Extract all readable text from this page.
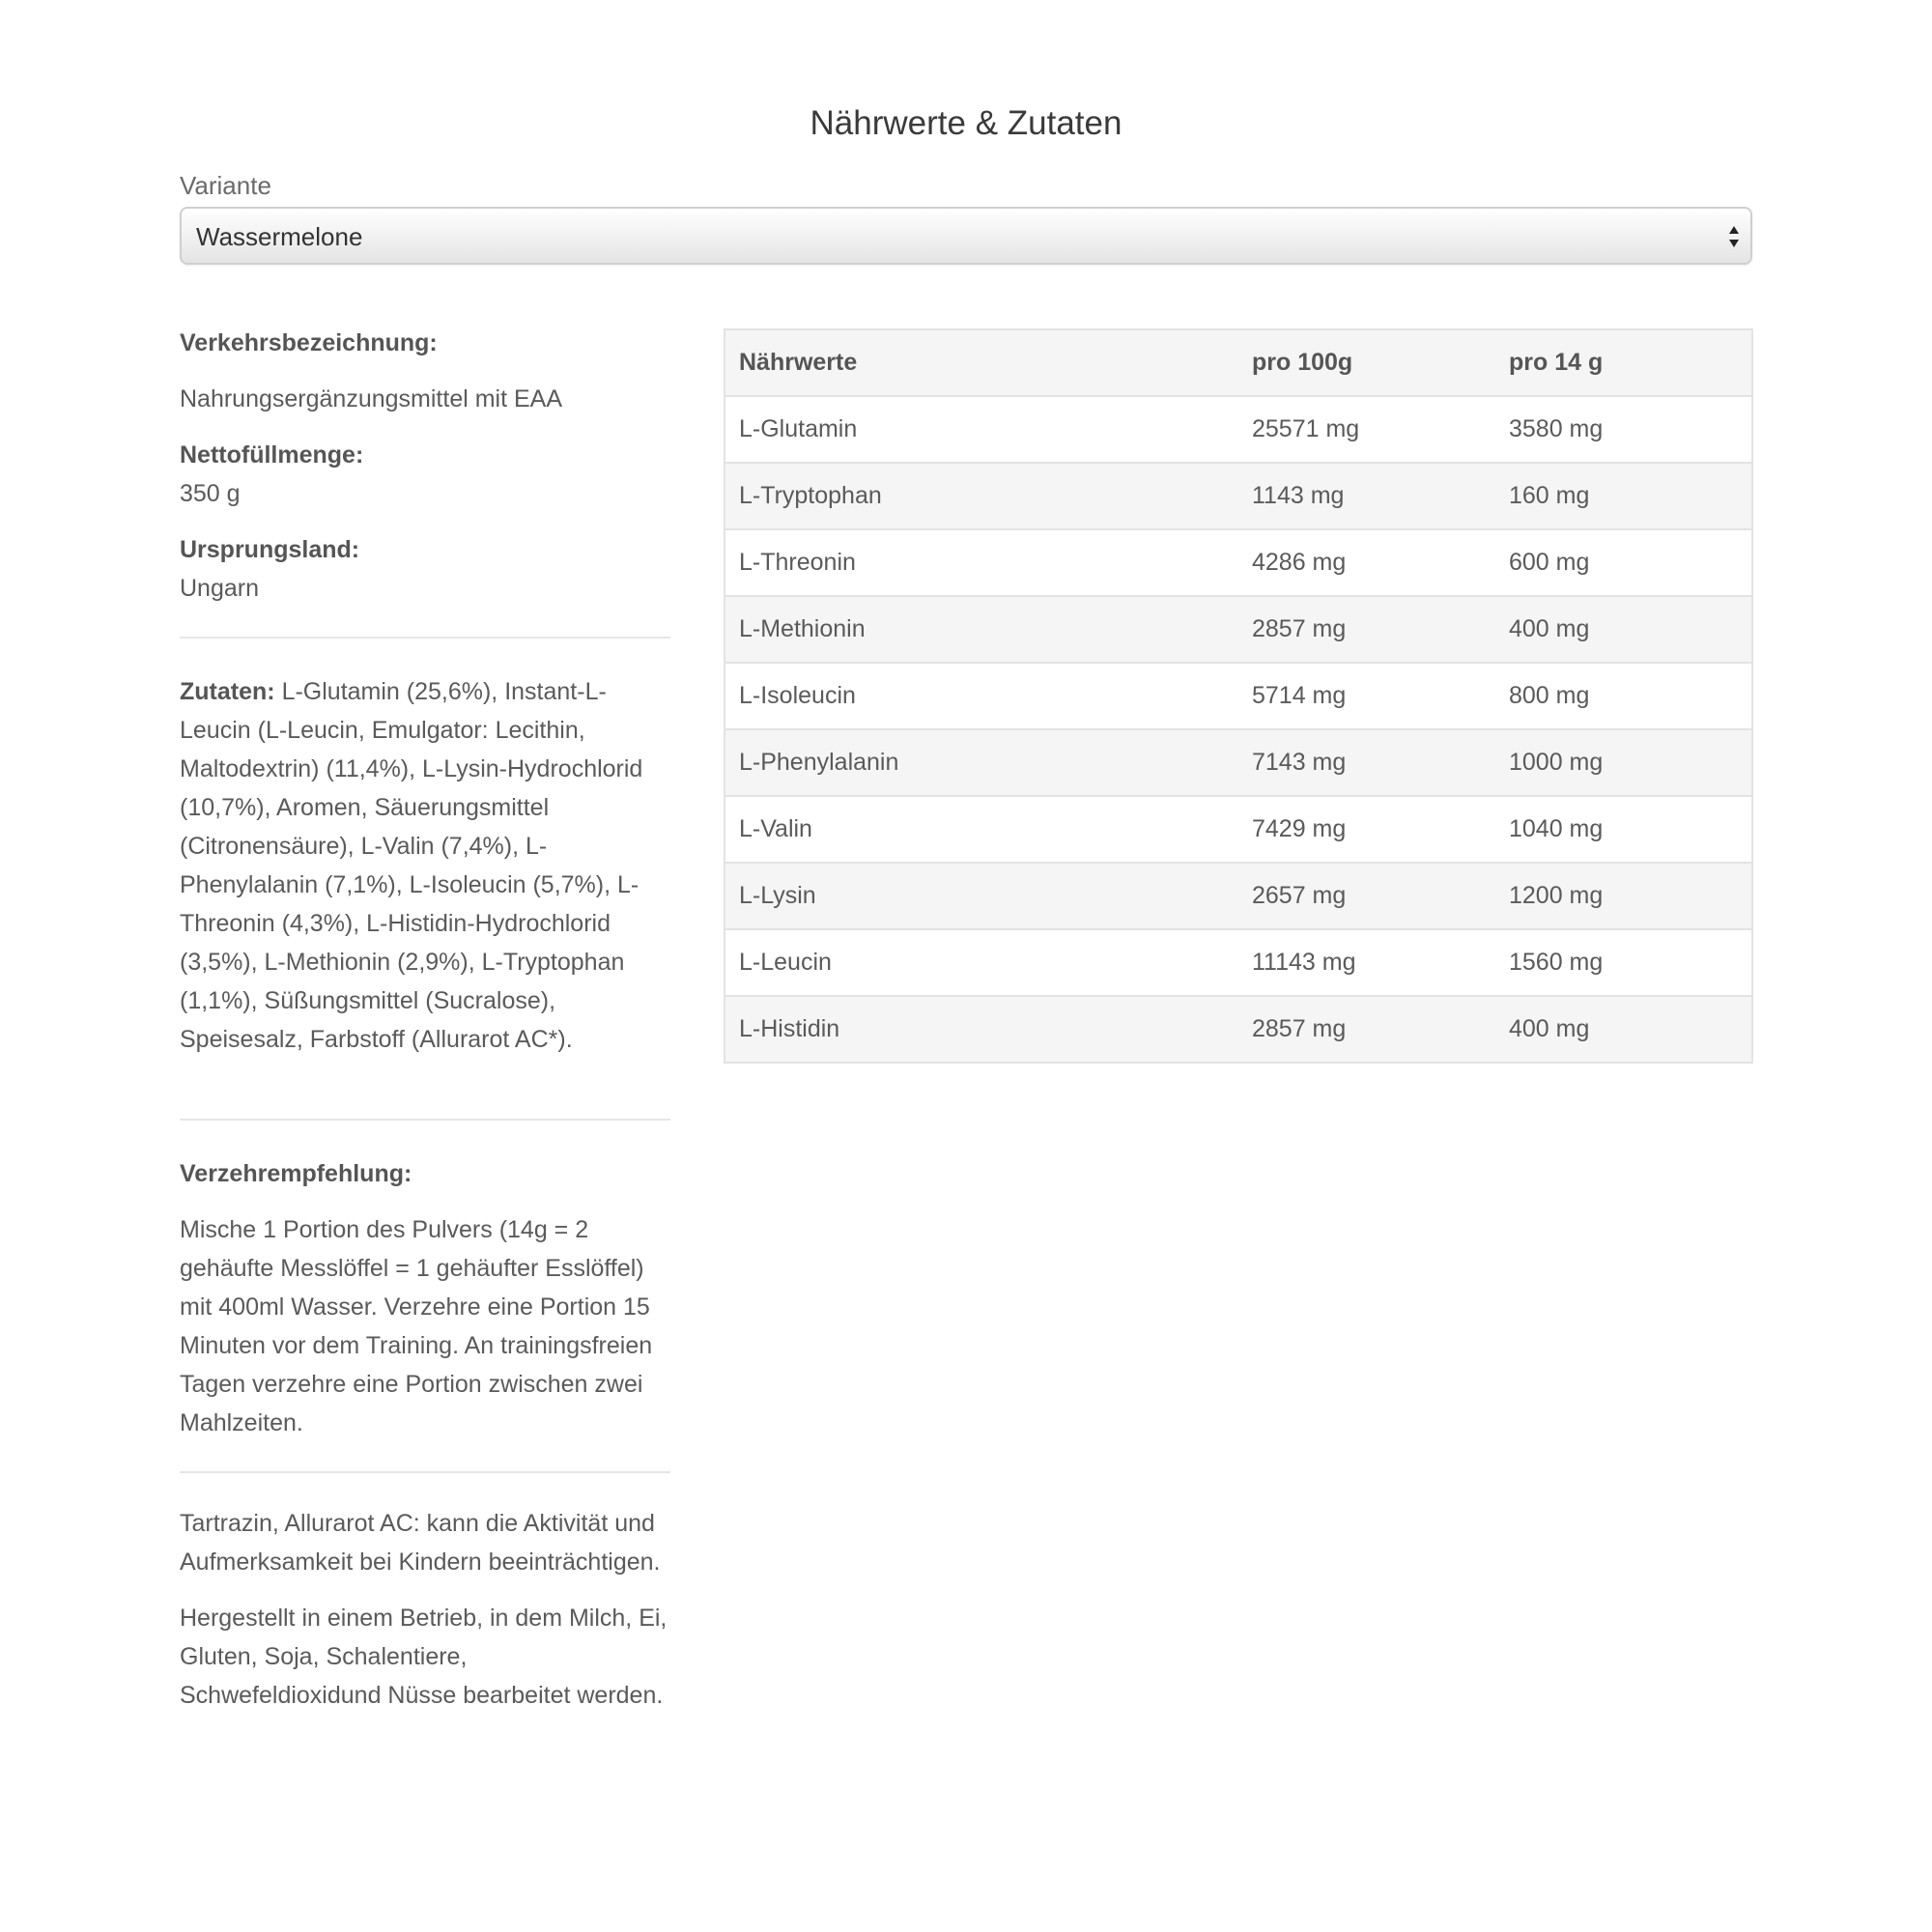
Nährwerte & Zutaten
Variante
Wassermelone

Verkehrsbezeichnung:

Nahrungsergänzungsmittel mit EAA

Nettofüllmenge:

350 g

Ursprungsland:

Ungarn

Zutaten: L-Glutamin (25,6%), Instant-L-Leucin (L-Leucin, Emulgator: Lecithin, Maltodextrin) (11,4%), L-Lysin-Hydrochlorid (10,7%), Aromen, Säuerungsmittel (Citronensäure), L-Valin (7,4%), L-Phenylalanin (7,1%), L-Isoleucin (5,7%), L-Threonin (4,3%), L-Histidin-Hydrochlorid (3,5%), L-Methionin (2,9%), L-Tryptophan (1,1%), Süßungsmittel (Sucralose), Speisesalz, Farbstoff (Allurarot AC*).

Verzehrempfehlung:

Mische 1 Portion des Pulvers (14g = 2 gehäufte Messlöffel = 1 gehäufter Esslöffel) mit 400ml Wasser. Verzehre eine Portion 15 Minuten vor dem Training. An trainingsfreien Tagen verzehre eine Portion zwischen zwei Mahlzeiten.

Tartrazin, Allurarot AC: kann die Aktivität und Aufmerksamkeit bei Kindern beeinträchtigen.

Hergestellt in einem Betrieb, in dem Milch, Ei, Gluten, Soja, Schalentiere, Schwefeldioxidund Nüsse bearbeitet werden.

Nährwerte	pro 100g	pro 14 g
L-Glutamin	25571 mg	3580 mg
L-Tryptophan	1143 mg	160 mg
L-Threonin	4286 mg	600 mg
L-Methionin	2857 mg	400 mg
L-Isoleucin	5714 mg	800 mg
L-Phenylalanin	7143 mg	1000 mg
L-Valin	7429 mg	1040 mg
L-Lysin	2657 mg	1200 mg
L-Leucin	11143 mg	1560 mg
L-Histidin	2857 mg	400 mg
